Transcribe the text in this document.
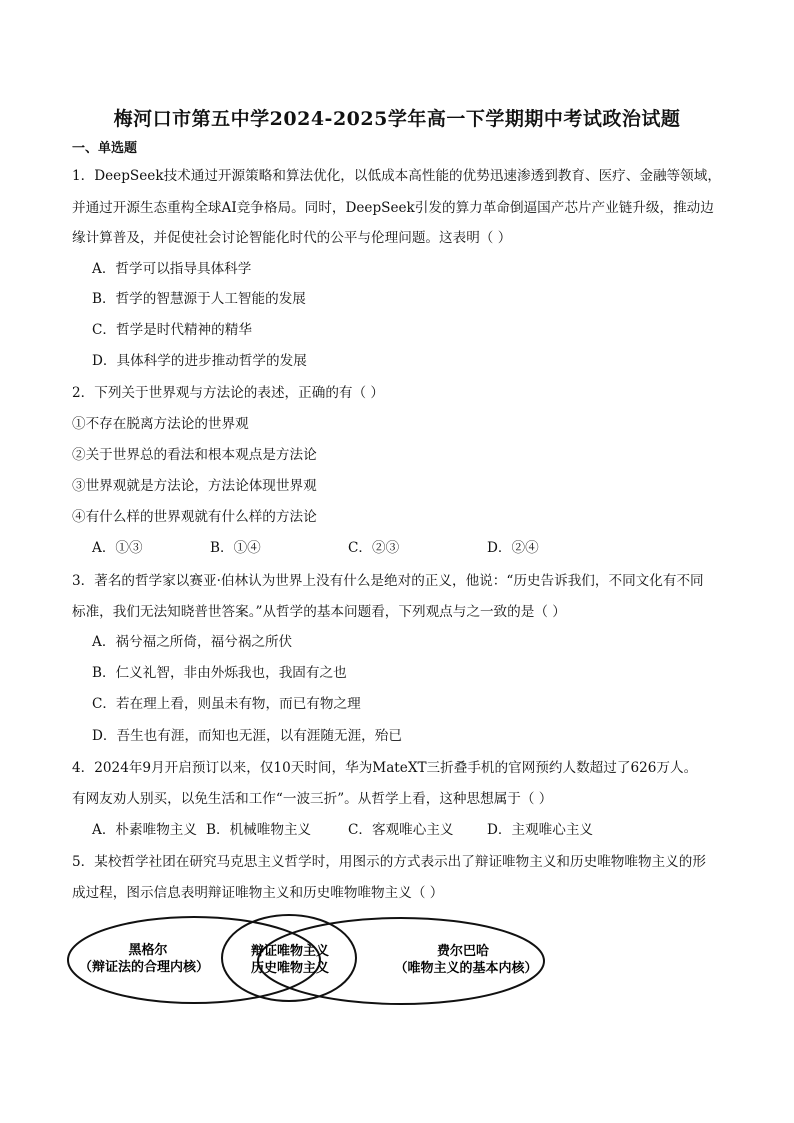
梅河口市第五中学2024-2025学年高一下学期期中考试政治试题
一、单选题
1．DeepSeek技术通过开源策略和算法优化，以低成本高性能的优势迅速渗透到教育、医疗、金融等领域，
并通过开源生态重构全球AI竞争格局。同时，DeepSeek引发的算力革命倒逼国产芯片产业链升级，推动边
缘计算普及，并促使社会讨论智能化时代的公平与伦理问题。这表明（ ）
A．哲学可以指导具体科学
B．哲学的智慧源于人工智能的发展
C．哲学是时代精神的精华
D．具体科学的进步推动哲学的发展
2．下列关于世界观与方法论的表述，正确的有（ ）
①不存在脱离方法论的世界观
②关于世界总的看法和根本观点是方法论
③世界观就是方法论，方法论体现世界观
④有什么样的世界观就有什么样的方法论
A．①③	B．①④	C．②③	D．②④
3．著名的哲学家以赛亚·伯林认为世界上没有什么是绝对的正义，他说：“历史告诉我们，不同文化有不同
标准，我们无法知晓普世答案。”从哲学的基本问题看，下列观点与之一致的是（ ）
A．祸兮福之所倚，福兮祸之所伏
B．仁义礼智，非由外烁我也，我固有之也
C．若在理上看，则虽未有物，而已有物之理
D．吾生也有涯，而知也无涯，以有涯随无涯，殆已
4．2024年9月开启预订以来，仅10天时间，华为MateXT三折叠手机的官网预约人数超过了626万人。
有网友劝人别买，以免生活和工作“一波三折”。从哲学上看，这种思想属于（ ）
A．朴素唯物主义 B．机械唯物主义	C．客观唯心主义 D．主观唯心主义
5．某校哲学社团在研究马克思主义哲学时，用图示的方式表示出了辩证唯物主义和历史唯物唯物主义的形
成过程，图示信息表明辩证唯物主义和历史唯物唯物主义（ ）
黑格尔
（辩证法的合理内核）
辩证唯物主义
历史唯物主义
费尔巴哈
（唯物主义的基本内核）
